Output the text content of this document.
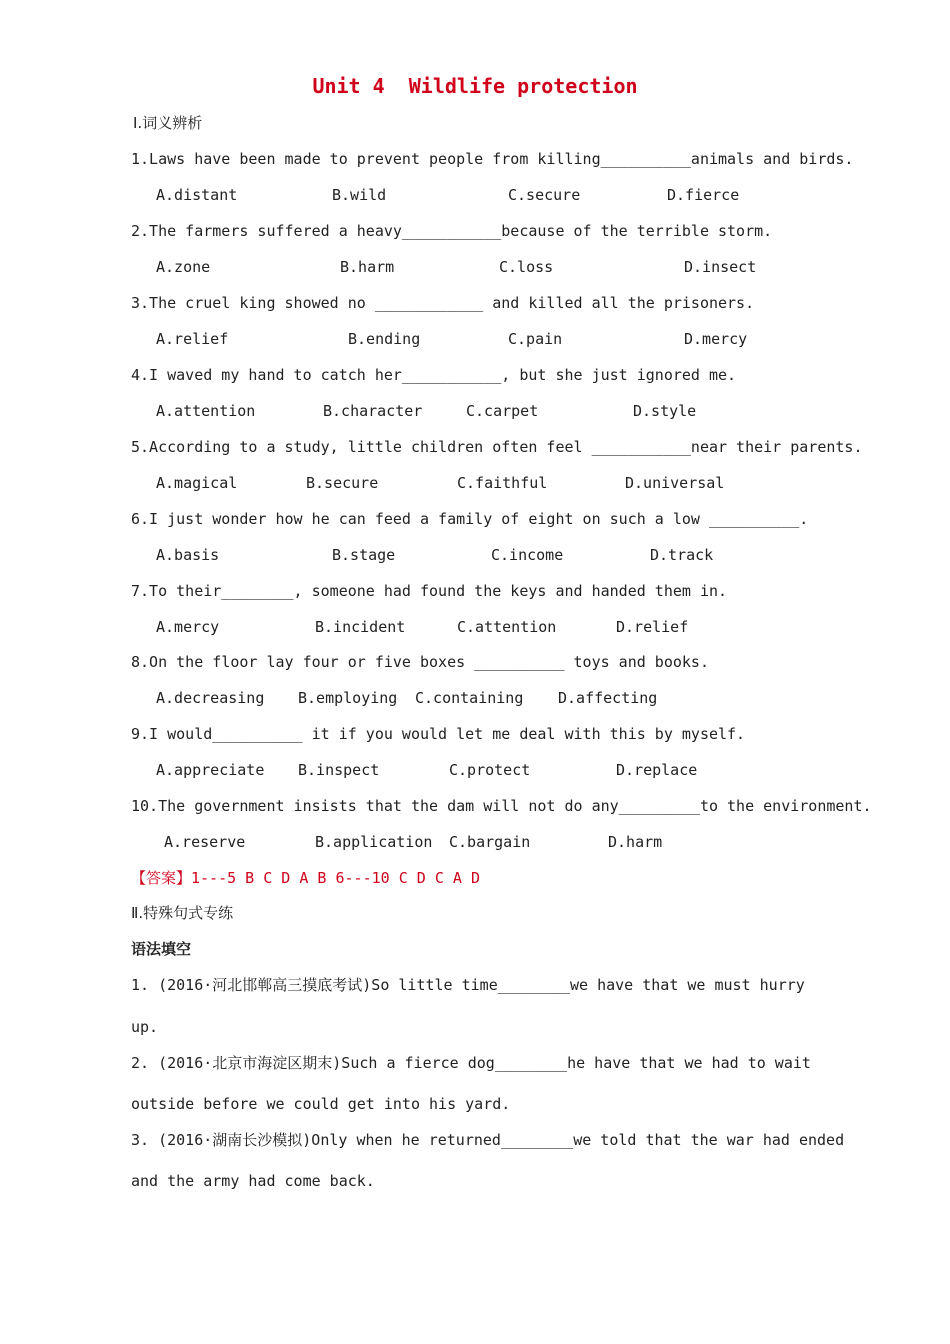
Unit 4  Wildlife protection
Ⅰ.词义辨析
1.Laws have been made to prevent people from killing__________animals and birds.
A.distant	B.wild	C.secure	D.fierce
2.The farmers suffered a heavy___________because of the terrible storm.
A.zone	B.harm	C.loss	D.insect
3.The cruel king showed no ____________ and killed all the prisoners.
A.relief	B.ending	C.pain	D.mercy
4.I waved my hand to catch her___________, but she just ignored me.
A.attention	B.character	C.carpet	D.style
5.According to a study, little children often feel ___________near their parents.
A.magical	B.secure	C.faithful	D.universal
6.I just wonder how he can feed a family of eight on such a low __________.
A.basis	B.stage	C.income	D.track
7.To their________, someone had found the keys and handed them in.
A.mercy	B.incident	C.attention	D.relief
8.On the floor lay four or five boxes __________ toys and books.
A.decreasing B.employing C.containing D.affecting
9.I would__________ it if you would let me deal with this by myself.
A.appreciate B.inspect	C.protect	D.replace
10.The government insists that the dam will not do any_________to the environment.
A.reserve	B.application C.bargain	D.harm
【答案】1---5 B C D A B 6---10 C D C A D
Ⅱ.特殊句式专练
语法填空
1. (2016·河北邯郸高三摸底考试)So little time________we have that we must hurry
up.
2. (2016·北京市海淀区期末)Such a fierce dog________he have that we had to wait
outside before we could get into his yard.
3. (2016·湖南长沙模拟)Only when he returned________we told that the war had ended
and the army had come back.
